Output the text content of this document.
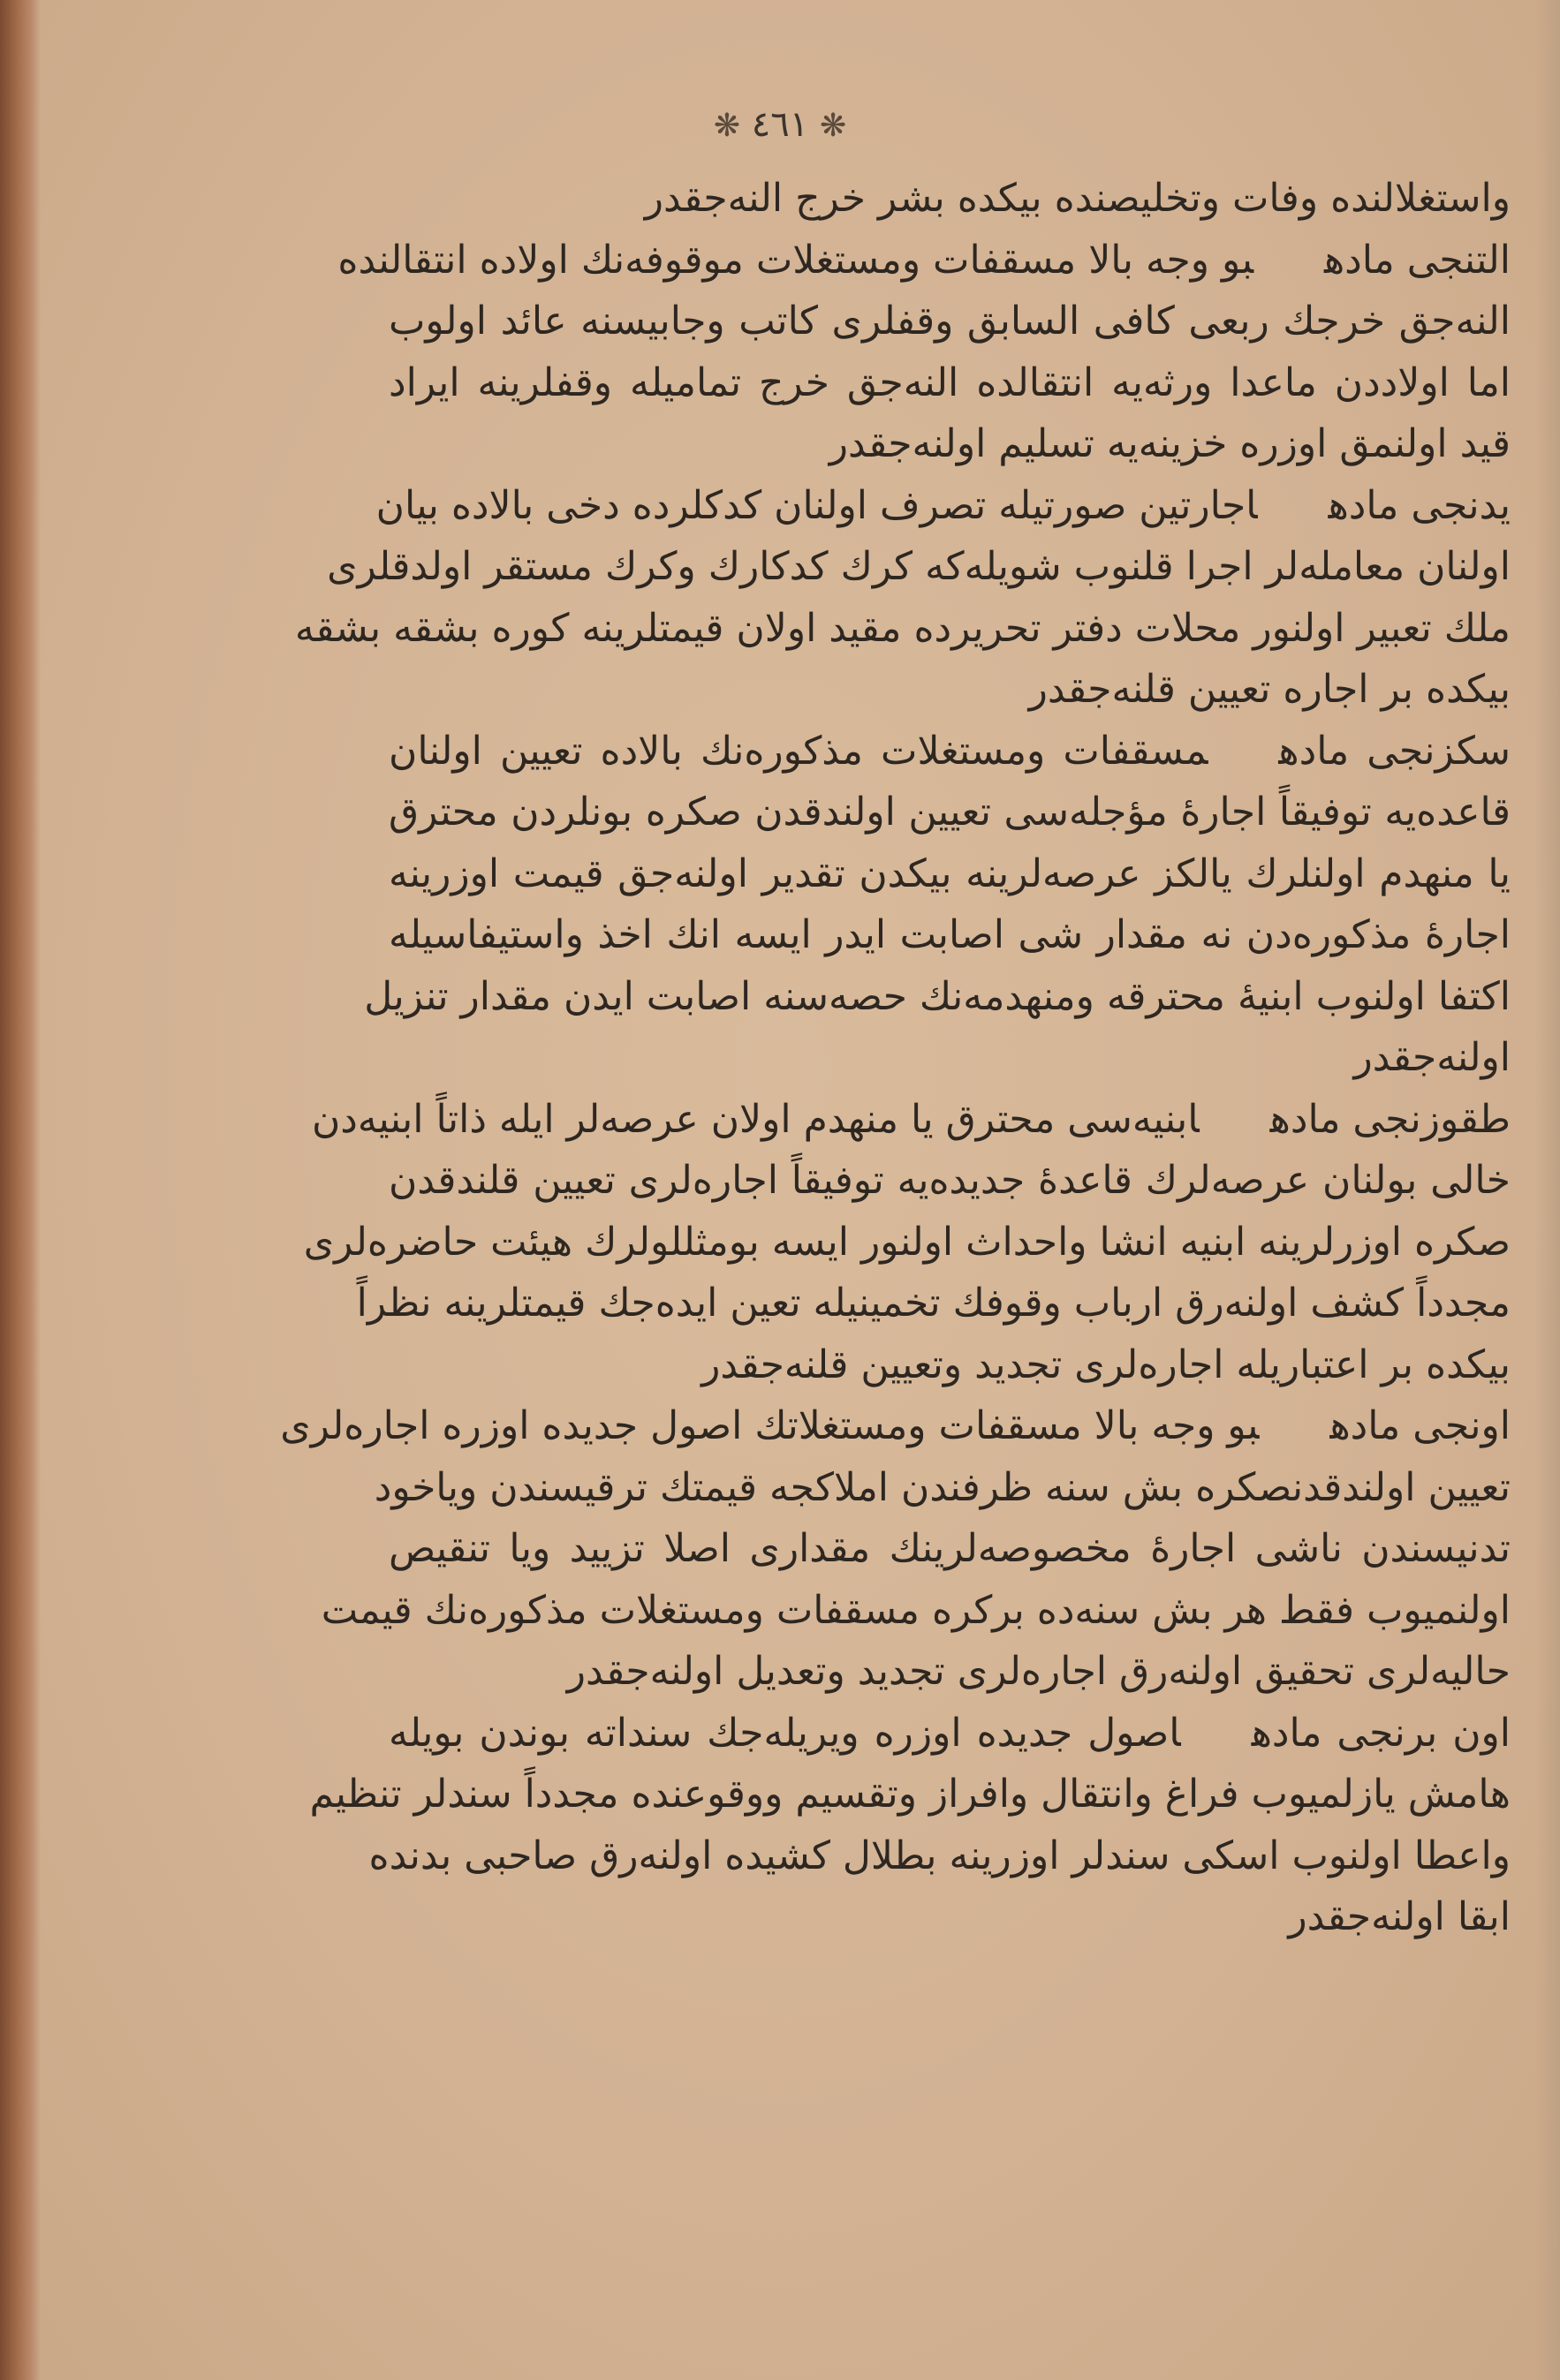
❋ ٤٦١ ❋
واستغلالنده وفات وتخليصنده بيكده بشر خرج النه‌جقدر
التنجی مادهبو وجه بالا مسقفات ومستغلات موقوفه‌نك اولاده انتقالنده
النه‌جق خرجك ربعی كافی السابق وقفلری كاتب وجابيسنه عائد اولوب
اما اولاددن ماعدا ورثه‌يه انتقالده النه‌جق خرج تماميله وقفلرينه ايراد
قيد اولنمق اوزره خزينه‌يه تسليم اولنه‌جقدر
يدنجی مادهاجارتين صورتيله تصرف اولنان كدكلرده دخی بالاده بيان
اولنان معامله‌لر اجرا قلنوب شويله‌كه كرك كدكارك وكرك مستقر اولدقلری
ملك تعبير اولنور محلات دفتر تحريرده مقيد اولان قيمتلرينه كوره بشقه بشقه
بيكده بر اجاره تعيين قلنه‌جقدر
سكزنجی مادهمسقفات ومستغلات مذكوره‌نك بالاده تعيين اولنان
قاعده‌يه توفيقاً اجارهٔ مؤجله‌سی تعيين اولندقدن صكره بونلردن محترق
يا منهدم اولنلرك يالكز عرصه‌لرينه بيكدن تقدير اولنه‌جق قيمت اوزرينه
اجارهٔ مذكوره‌دن نه مقدار شی اصابت ايدر ايسه انك اخذ واستيفاسيله
اكتفا اولنوب ابنيهٔ محترقه ومنهدمه‌نك حصه‌سنه اصابت ايدن مقدار تنزيل
اولنه‌جقدر
طقوزنجی مادهابنيه‌سی محترق يا منهدم اولان عرصه‌لر ايله ذاتاً ابنيه‌دن
خالی بولنان عرصه‌لرك قاعدهٔ جديده‌يه توفيقاً اجاره‌لری تعيين قلندقدن
صكره اوزرلرينه ابنيه انشا واحداث اولنور ايسه بومثللولرك هيئت حاضره‌لری
مجدداً كشف اولنه‌رق ارباب وقوفك تخمينيله تعين ايده‌جك قيمتلرينه نظراً
بيكده بر اعتباريله اجاره‌لری تجديد وتعيين قلنه‌جقدر
اونجی مادهبو وجه بالا مسقفات ومستغلاتك اصول جديده اوزره اجاره‌لری
تعيين اولندقدنصكره بش سنه ظرفندن املاكجه قيمتك ترقيسندن وياخود
تدنيسندن ناشی اجارهٔ مخصوصه‌لرينك مقداری اصلا تزييد ويا تنقيص
اولنميوب فقط هر بش سنه‌ده بركره مسقفات ومستغلات مذكوره‌نك قيمت
حاليه‌لری تحقيق اولنه‌رق اجاره‌لری تجديد وتعديل اولنه‌جقدر
اون برنجی مادهاصول جديده اوزره ويريله‌جك سنداته بوندن بويله
هامش يازلميوب فراغ وانتقال وافراز وتقسيم ووقوعنده مجدداً سندلر تنظيم
واعطا اولنوب اسكی سندلر اوزرينه بطلال كشيده اولنه‌رق صاحبی بدنده
ابقا اولنه‌جقدر
